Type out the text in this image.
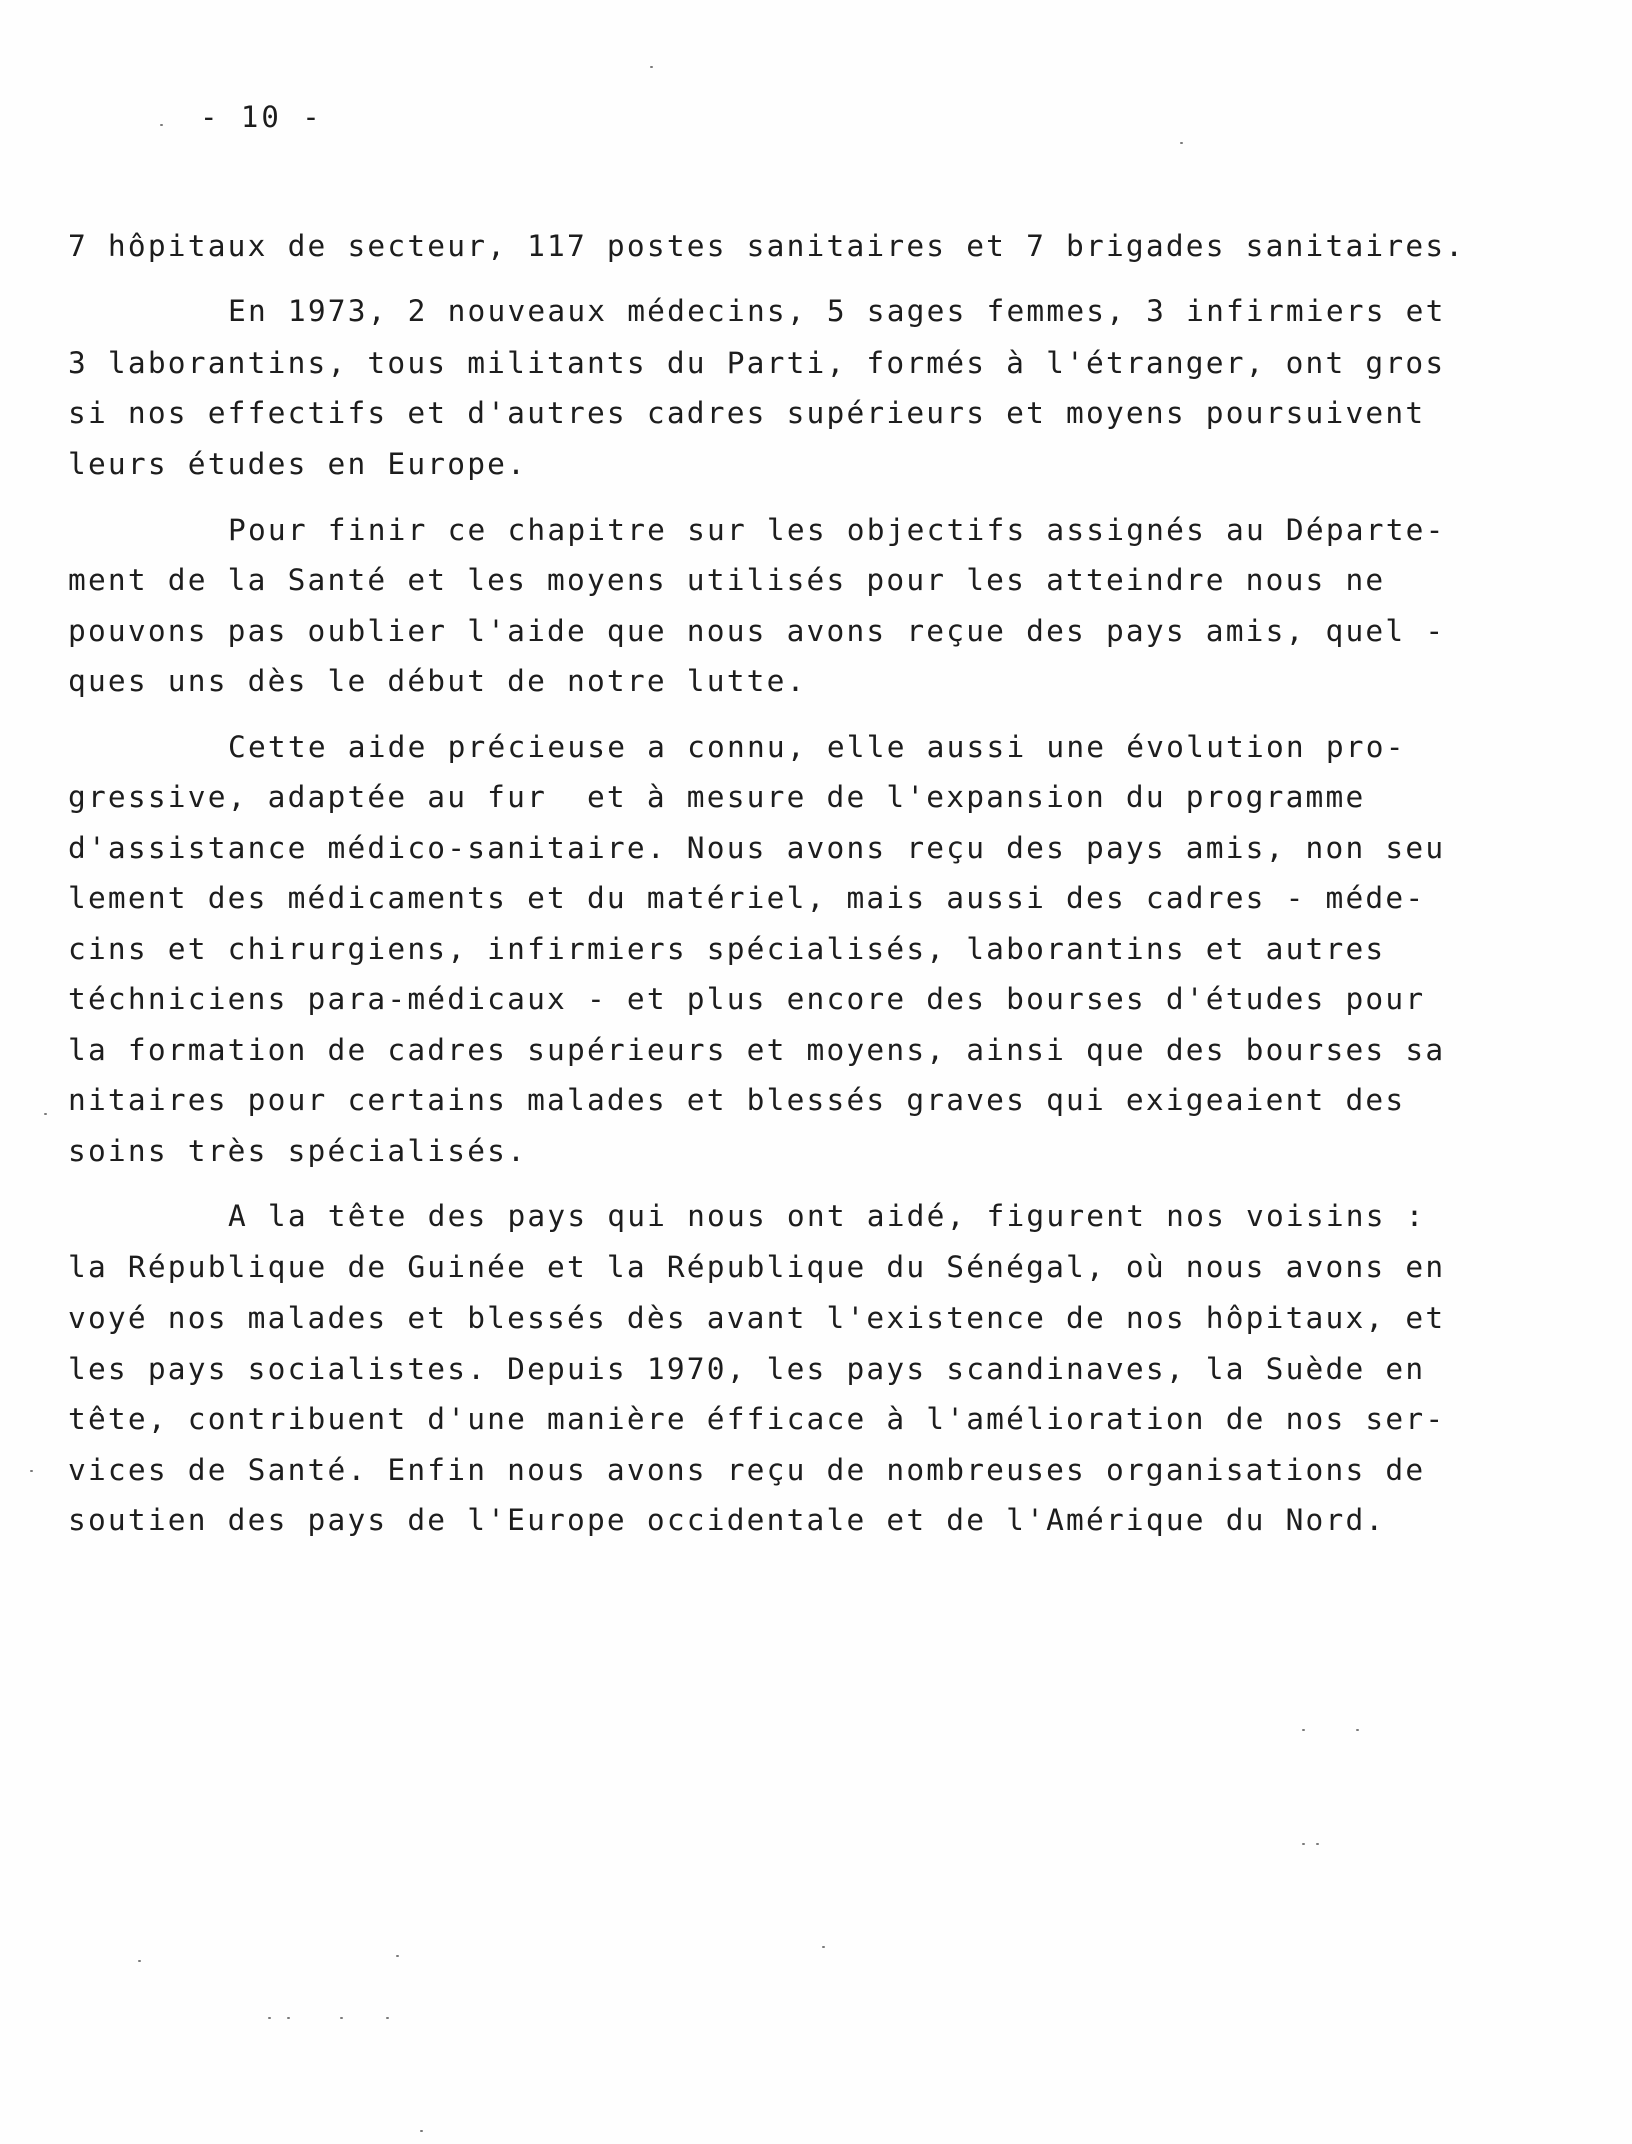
- 10 -
7 hôpitaux de secteur, 117 postes sanitaires et 7 brigades sanitaires.
En 1973, 2 nouveaux médecins, 5 sages femmes, 3 infirmiers et
3 laborantins, tous militants du Parti, formés à l'étranger, ont gros
si nos effectifs et d'autres cadres supérieurs et moyens poursuivent
leurs études en Europe.
Pour finir ce chapitre sur les objectifs assignés au Départe-
ment de la Santé et les moyens utilisés pour les atteindre nous ne
pouvons pas oublier l'aide que nous avons reçue des pays amis, quel -
ques uns dès le début de notre lutte.
Cette aide précieuse a connu, elle aussi une évolution pro-
gressive, adaptée au fur  et à mesure de l'expansion du programme
d'assistance médico-sanitaire. Nous avons reçu des pays amis, non seu
lement des médicaments et du matériel, mais aussi des cadres - méde-
cins et chirurgiens, infirmiers spécialisés, laborantins et autres
téchniciens para-médicaux - et plus encore des bourses d'études pour
la formation de cadres supérieurs et moyens, ainsi que des bourses sa
nitaires pour certains malades et blessés graves qui exigeaient des
soins très spécialisés.
A la tête des pays qui nous ont aidé, figurent nos voisins :
la République de Guinée et la République du Sénégal, où nous avons en
voyé nos malades et blessés dès avant l'existence de nos hôpitaux, et
les pays socialistes. Depuis 1970, les pays scandinaves, la Suède en
tête, contribuent d'une manière éfficace à l'amélioration de nos ser-
vices de Santé. Enfin nous avons reçu de nombreuses organisations de
soutien des pays de l'Europe occidentale et de l'Amérique du Nord.
